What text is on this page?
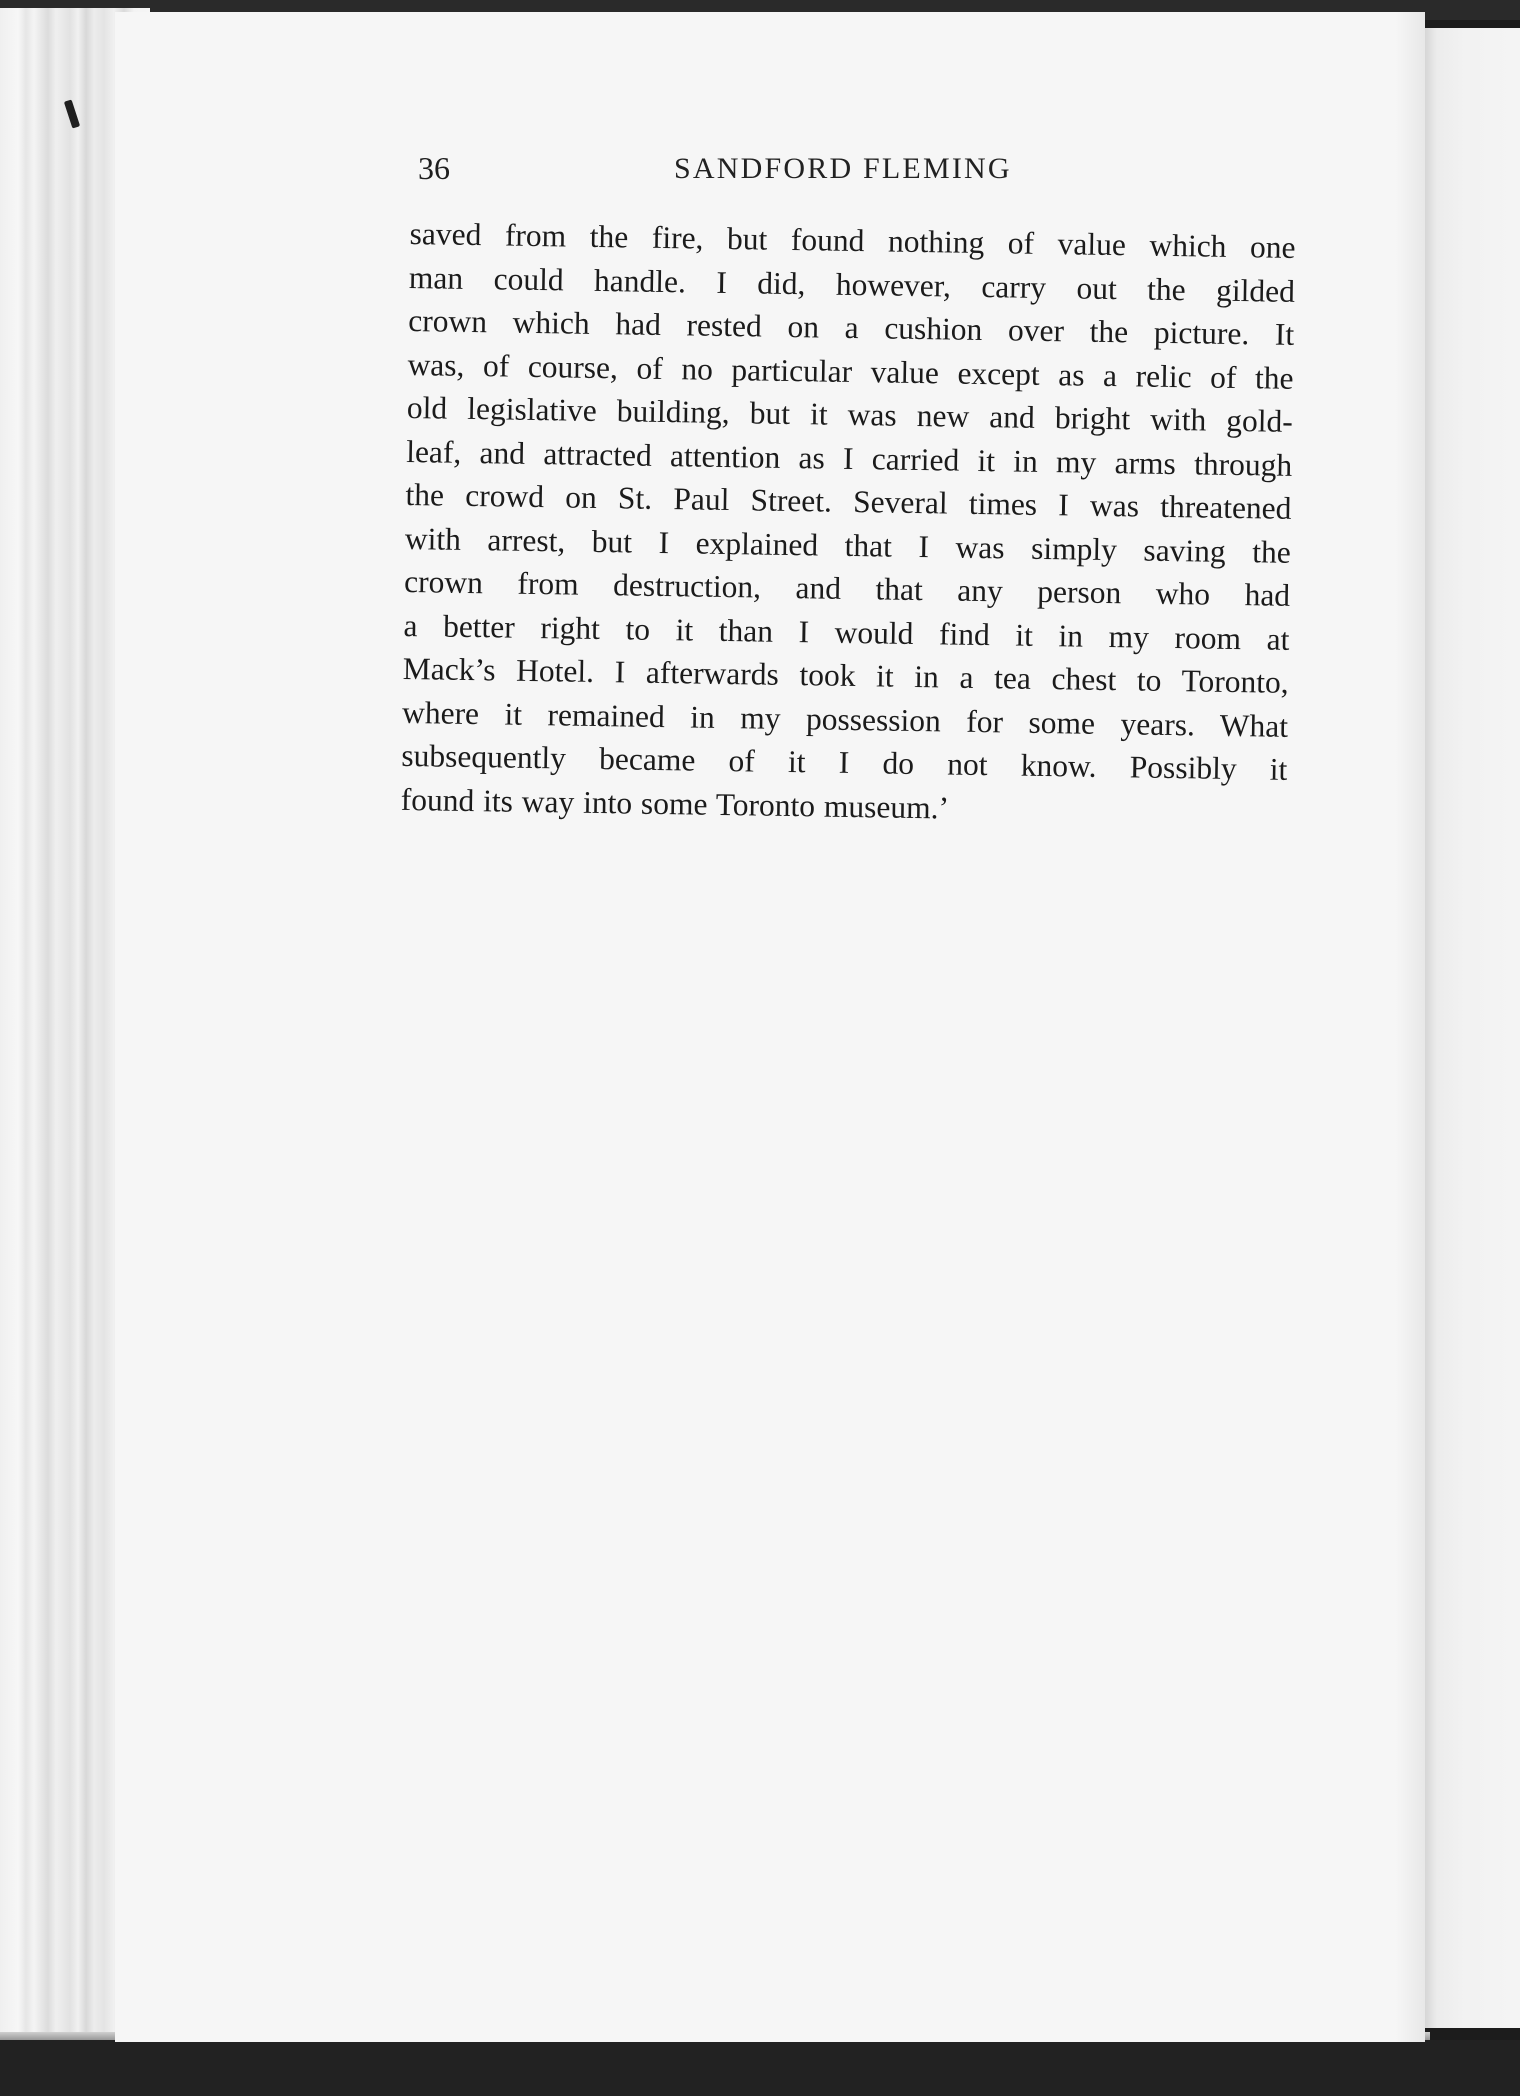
36	SANDFORD FLEMING
saved from the fire, but found nothing of value which one
man could handle. I did, however, carry out the gilded
crown which had rested on a cushion over the picture. It
was, of course, of no particular value except as a relic of the
old legislative building, but it was new and bright with gold-
leaf, and attracted attention as I carried it in my arms through
the crowd on St. Paul Street. Several times I was threatened
with arrest, but I explained that I was simply saving the
crown from destruction, and that any person who had
a better right to it than I would find it in my room at
Mack’s Hotel. I afterwards took it in a tea chest to Toronto,
where it remained in my possession for some years. What
subsequently became of it I do not know. Possibly it
found its way into some Toronto museum.’
